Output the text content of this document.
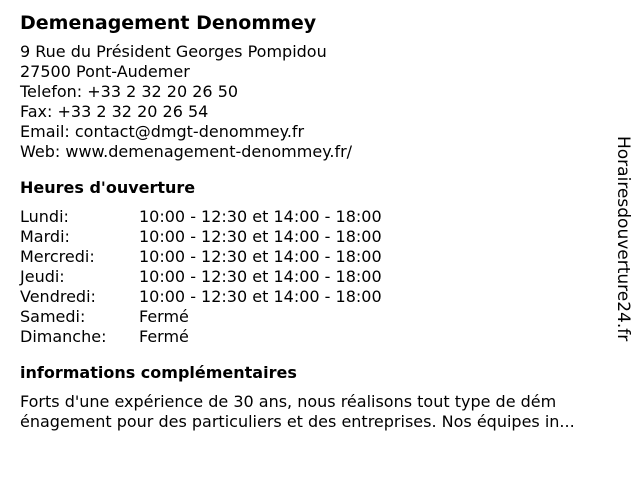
Demenagement Denommey
9 Rue du Président Georges Pompidou
27500 Pont-Audemer
Telefon: +33 2 32 20 26 50
Fax: +33 2 32 20 26 54
Email: contact@dmgt-denommey.fr
Web: www.demenagement-denommey.fr/
Heures d'ouverture
Lundi:	10:00 - 12:30 et 14:00 - 18:00
Mardi:	10:00 - 12:30 et 14:00 - 18:00
Mercredi:	10:00 - 12:30 et 14:00 - 18:00
Jeudi:	10:00 - 12:30 et 14:00 - 18:00
Vendredi:	10:00 - 12:30 et 14:00 - 18:00
Samedi:	Fermé
Dimanche:	Fermé
informations complémentaires
Forts d'une expérience de 30 ans, nous réalisons tout type de dém
énagement pour des particuliers et des entreprises. Nos équipes in...
Horairesdouverture24.fr
